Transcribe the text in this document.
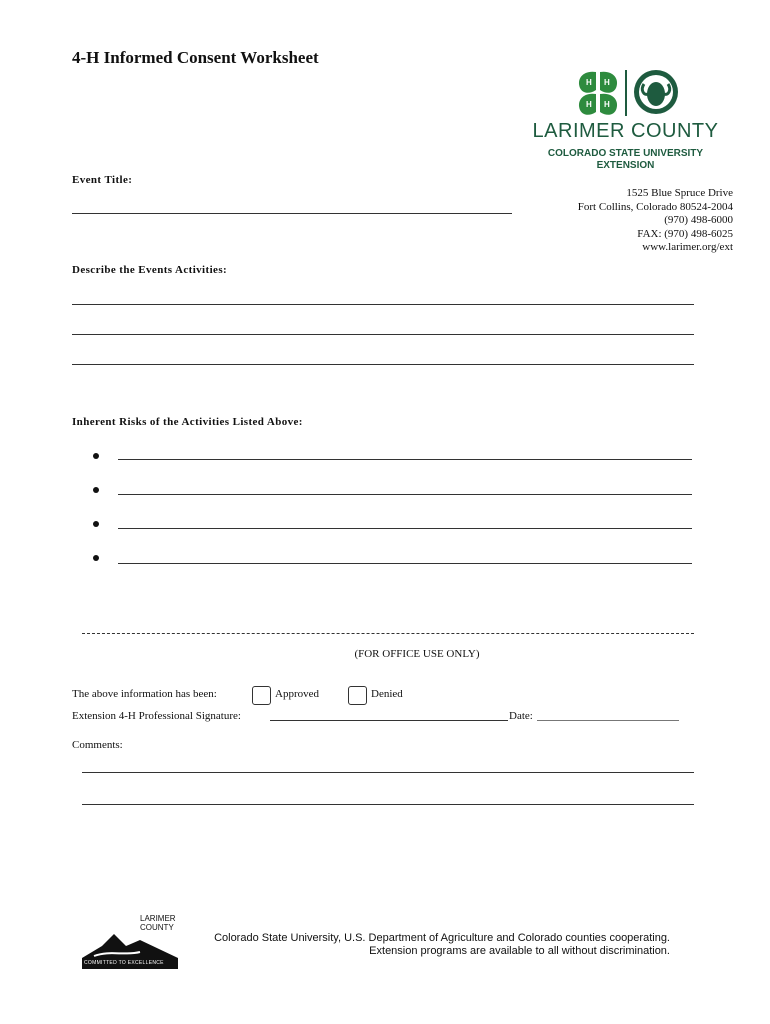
4-H Informed Consent Worksheet
H H
H H
LARIMER COUNTY
COLORADO STATE UNIVERSITY
EXTENSION
Event Title:
1525 Blue Spruce Drive
Fort Collins, Colorado 80524-2004
(970) 498-6000
FAX: (970) 498-6025
www.larimer.org/ext
Describe the Events Activities:
Inherent Risks of the Activities Listed Above:
(FOR OFFICE USE ONLY)
The above information has been:	Approved	Denied
Extension 4-H Professional Signature:	Date:
Comments:
LARIMER
COUNTY
COMMITTED TO EXCELLENCE
Colorado State University, U.S. Department of Agriculture and Colorado counties cooperating.
Extension programs are available to all without discrimination.
